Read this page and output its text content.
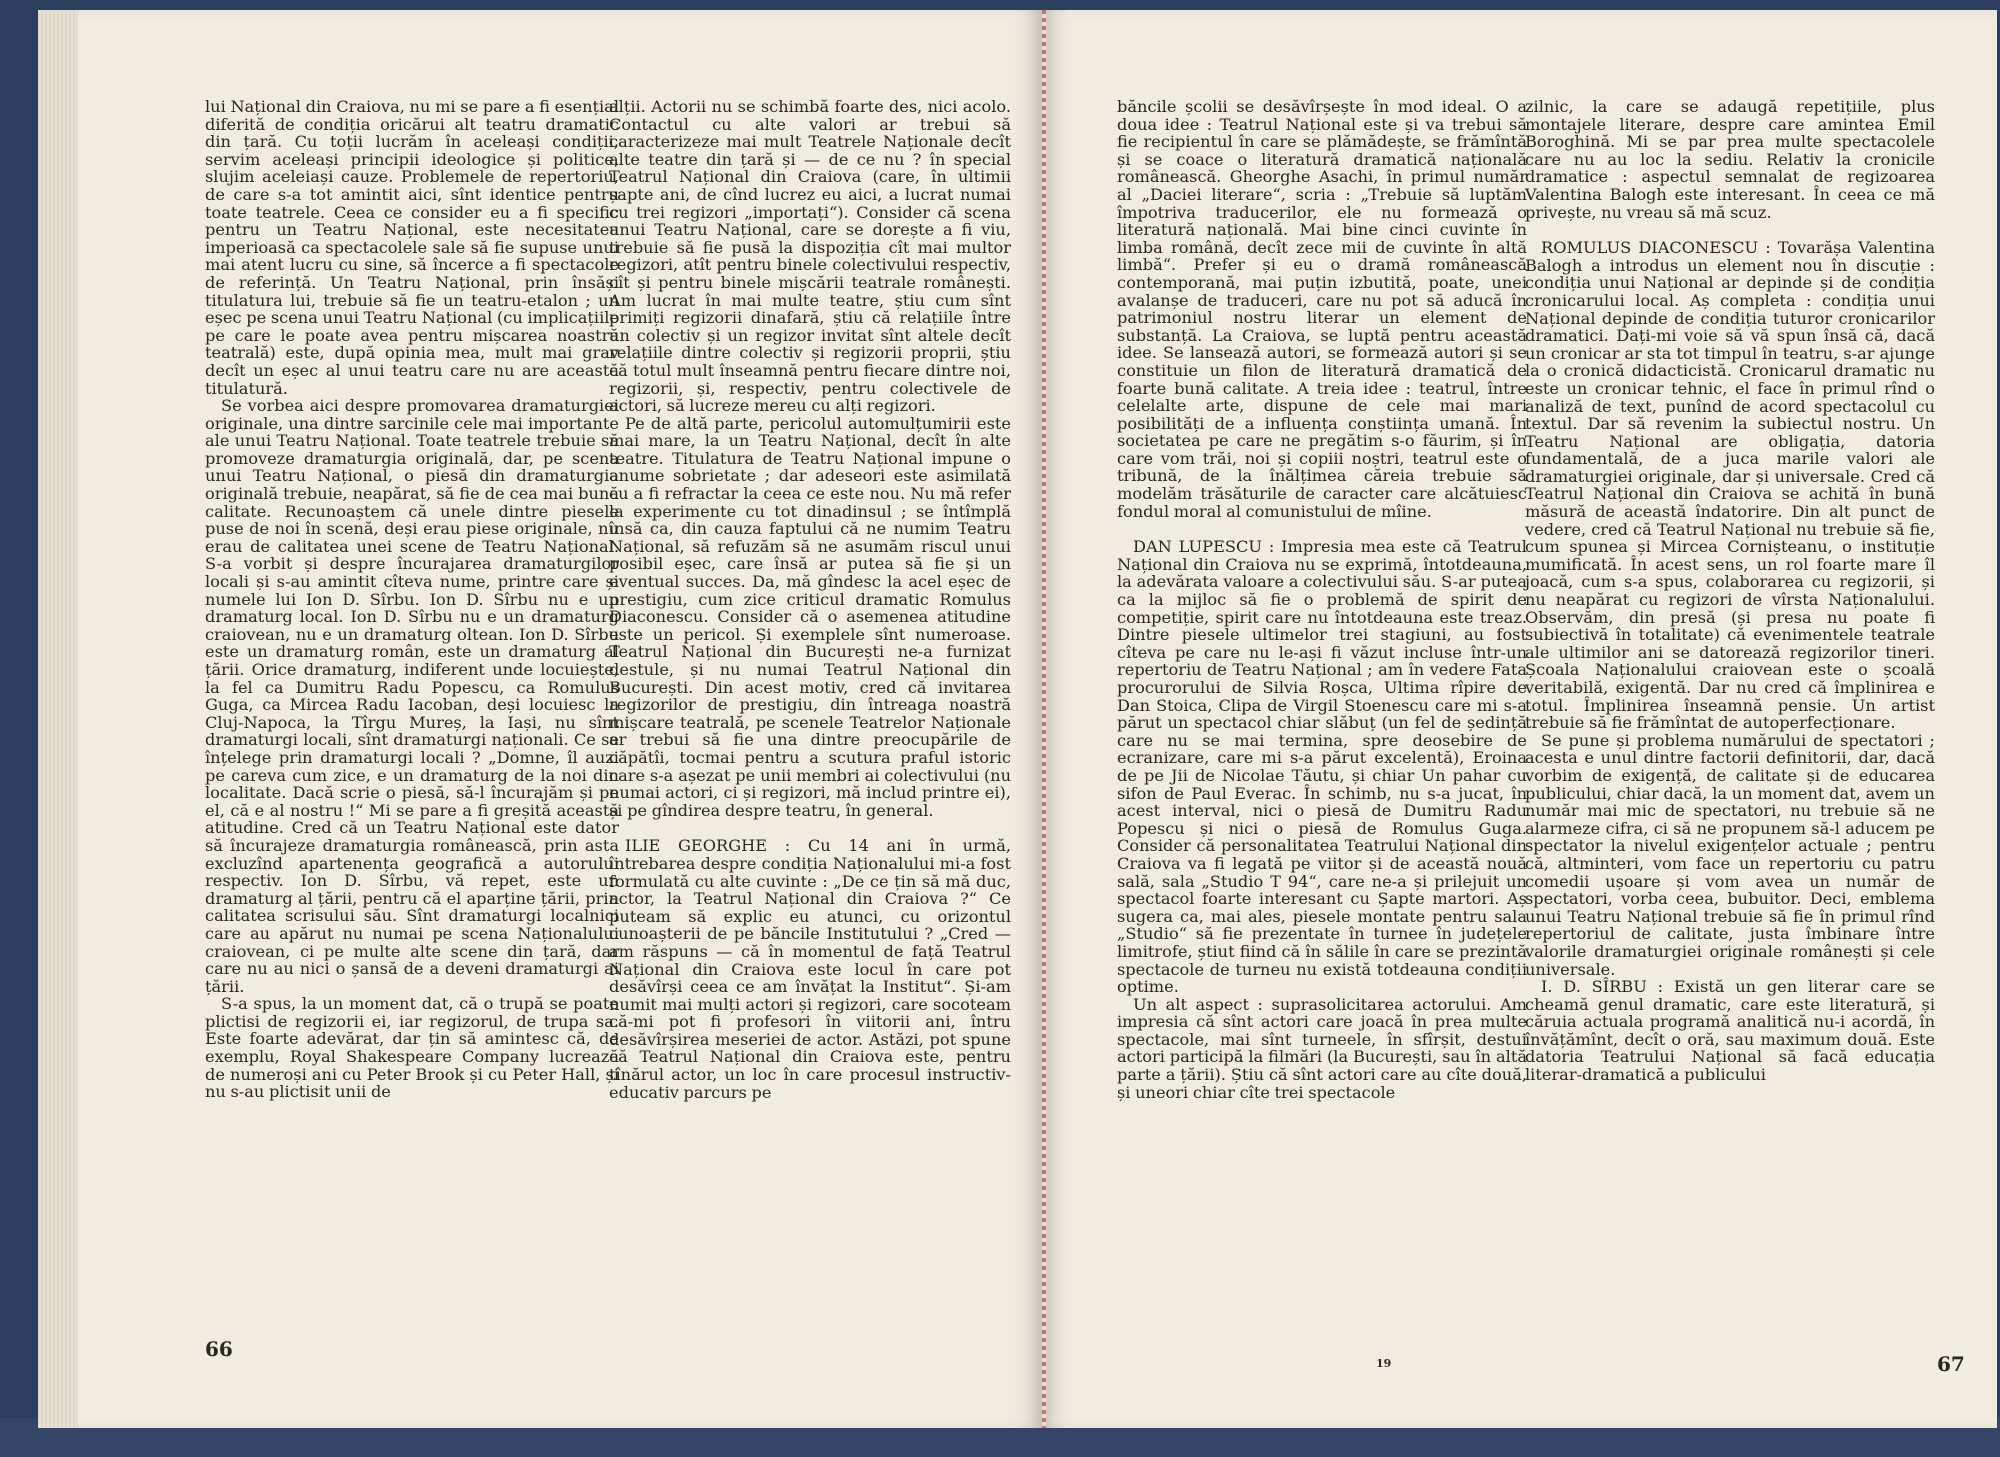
lui Național din Craiova, nu mi se pare a fi esențial diferită de condiția oricărui alt teatru dramatic din țară. Cu toții lucrăm în aceleași condiții, servim aceleași principii ideologice și politice, slujim aceleiași cauze. Problemele de repertoriu, de care s-a tot amintit aici, sînt identice pentru toate teatrele. Ceea ce consider eu a fi specific pentru un Teatru Național, este necesitatea imperioasă ca spectacolele sale să fie supuse unui mai atent lucru cu sine, să încerce a fi spectacole de referință. Un Teatru Național, prin însăși titulatura lui, trebuie să fie un teatru-etalon ; un eșec pe scena unui Teatru Național (cu implicațiile pe care le poate avea pentru mișcarea noastră teatrală) este, după opinia mea, mult mai grav decît un eșec al unui teatru care nu are această titulatură.

Se vorbea aici despre promovarea dramaturgiei originale, una dintre sarcinile cele mai importante ale unui Teatru Național. Toate teatrele trebuie să promoveze dramaturgia originală, dar, pe scena unui Teatru Național, o piesă din dramaturgia originală trebuie, neapărat, să fie de cea mai bună calitate. Recunoaștem că unele dintre piesele puse de noi în scenă, deși erau piese originale, nu erau de calitatea unei scene de Teatru Național. S-a vorbit și despre încurajarea dramaturgilor locali și s-au amintit cîteva nume, printre care și numele lui Ion D. Sîrbu. Ion D. Sîrbu nu e un dramaturg local. Ion D. Sîrbu nu e un dramaturg craiovean, nu e un dramaturg oltean. Ion D. Sîrbu este un dramaturg român, este un dramaturg al țării. Orice dramaturg, indiferent unde locuiește, la fel ca Dumitru Radu Popescu, ca Romulus Guga, ca Mircea Radu Iacoban, deși locuiesc la Cluj-Napoca, la Tîrgu Mureș, la Iași, nu sînt dramaturgi locali, sînt dramaturgi naționali. Ce se înțelege prin dramaturgi locali ? „Domne, îl auzi pe careva cum zice, e un dramaturg de la noi din localitate. Dacă scrie o piesă, să-l încurajăm și pe el, că e al nostru !“ Mi se pare a fi greșită această atitudine. Cred că un Teatru Național este dator să încurajeze dramaturgia românească, prin asta excluzînd apartenența geografică a autorului respectiv. Ion D. Sîrbu, vă repet, este un dramaturg al țării, pentru că el aparține țării, prin calitatea scrisului său. Sînt dramaturgi localnici care au apărut nu numai pe scena Naționalului craiovean, ci pe multe alte scene din țară, dar care nu au nici o șansă de a deveni dramaturgi ai țării.

S-a spus, la un moment dat, că o trupă se poate plictisi de regizorii ei, iar regizorul, de trupa sa. Este foarte adevărat, dar țin să amintesc că, de exemplu, Royal Shakespeare Company lucrează de numeroși ani cu Peter Brook și cu Peter Hall, și nu s-au plictisit unii de

alții. Actorii nu se schimbă foarte des, nici acolo. Contactul cu alte valori ar trebui să caracterizeze mai mult Teatrele Naționale decît alte teatre din țară și — de ce nu ? în special Teatrul Național din Craiova (care, în ultimii șapte ani, de cînd lucrez eu aici, a lucrat numai cu trei regizori „importați“). Consider că scena unui Teatru Național, care se dorește a fi viu, trebuie să fie pusă la dispoziția cît mai multor regizori, atît pentru binele colectivului respectiv, cît și pentru binele mișcării teatrale românești. Am lucrat în mai multe teatre, știu cum sînt primiți regizorii dinafară, știu că relațiile între un colectiv și un regizor invitat sînt altele decît relațiile dintre colectiv și regizorii proprii, știu că totul mult înseamnă pentru fiecare dintre noi, regizorii, și, respectiv, pentru colectivele de actori, să lucreze mereu cu alți regizori.

Pe de altă parte, pericolul automulțumirii este mai mare, la un Teatru Național, decît în alte teatre. Titulatura de Teatru Național impune o anume sobrietate ; dar adeseori este asimilată cu a fi refractar la ceea ce este nou. Nu mă refer la experimente cu tot dinadinsul ; se întîmplă însă ca, din cauza faptului că ne numim Teatru Național, să refuzăm să ne asumăm riscul unui posibil eșec, care însă ar putea să fie și un eventual succes. Da, mă gîndesc la acel eșec de prestigiu, cum zice criticul dramatic Romulus Diaconescu. Consider că o asemenea atitudine este un pericol. Și exemplele sînt numeroase. Teatrul Național din București ne-a furnizat destule, și nu numai Teatrul Național din București. Din acest motiv, cred că invitarea regizorilor de prestigiu, din întreaga noastră mișcare teatrală, pe scenele Teatrelor Naționale ar trebui să fie una dintre preocupările de căpătîi, tocmai pentru a scutura praful istoric care s-a așezat pe unii membri ai colectivului (nu numai actori, ci și regizori, mă includ printre ei), și pe gîndirea despre teatru, în general.

ILIE GEORGHE : Cu 14 ani în urmă, întrebarea despre condiția Naționalului mi-a fost formulată cu alte cuvinte : „De ce țin să mă duc, actor, la Teatrul Național din Craiova ?“ Ce puteam să explic eu atunci, cu orizontul cunoașterii de pe băncile Institutului ? „Cred — am răspuns — că în momentul de față Teatrul Național din Craiova este locul în care pot desăvîrși ceea ce am învățat la Institut“. Și-am numit mai mulți actori și regizori, care socoteam că-mi pot fi profesori în viitorii ani, întru desăvîrșirea meseriei de actor. Astăzi, pot spune că Teatrul Național din Craiova este, pentru tînărul actor, un loc în care procesul instructiv-educativ parcurs pe

66

băncile școlii se desăvîrșește în mod ideal. O a doua idee : Teatrul Național este și va trebui să fie recipientul în care se plămădește, se frămîntă și se coace o literatură dramatică națională românească. Gheorghe Asachi, în primul număr al „Daciei literare“, scria : „Trebuie să luptăm împotriva traducerilor, ele nu formează o literatură națională. Mai bine cinci cuvinte în limba română, decît zece mii de cuvinte în altă limbă“. Prefer și eu o dramă românească contemporană, mai puțin izbutită, poate, unei avalanșe de traduceri, care nu pot să aducă în patrimoniul nostru literar un element de substanță. La Craiova, se luptă pentru această idee. Se lansează autori, se formează autori și se constituie un filon de literatură dramatică de foarte bună calitate. A treia idee : teatrul, între celelalte arte, dispune de cele mai mari posibilități de a influența conștiința umană. În societatea pe care ne pregătim s-o făurim, și în care vom trăi, noi și copiii noștri, teatrul este o tribună, de la înălțimea căreia trebuie să modelăm trăsăturile de caracter care alcătuiesc fondul moral al comunistului de mîine.

DAN LUPESCU : Impresia mea este că Teatrul Național din Craiova nu se exprimă, întotdeauna, la adevărata valoare a colectivului său. S-ar putea ca la mijloc să fie o problemă de spirit de competiție, spirit care nu întotdeauna este treaz. Dintre piesele ultimelor trei stagiuni, au fost cîteva pe care nu le-ași fi văzut incluse într-un repertoriu de Teatru Național ; am în vedere Fata procurorului de Silvia Roșca, Ultima rîpire de Dan Stoica, Clipa de Virgil Stoenescu care mi s-a părut un spectacol chiar slăbuț (un fel de ședință care nu se mai termina, spre deosebire de ecranizare, care mi s-a părut excelentă), Eroina de pe Jii de Nicolae Tăutu, și chiar Un pahar cu sifon de Paul Everac. În schimb, nu s-a jucat, în acest interval, nici o piesă de Dumitru Radu Popescu și nici o piesă de Romulus Guga. Consider că personalitatea Teatrului Național din Craiova va fi legată pe viitor și de această nouă sală, sala „Studio T 94“, care ne-a și prilejuit un spectacol foarte interesant cu Șapte martori. Aș sugera ca, mai ales, piesele montate pentru sala „Studio“ să fie prezentate în turnee în județele limitrofe, știut fiind că în sălile în care se prezintă spectacole de turneu nu există totdeauna condiții optime.

Un alt aspect : suprasolicitarea actorului. Am impresia că sînt actori care joacă în prea multe spectacole, mai sînt turneele, în sfîrșit, destui actori participă la filmări (la București, sau în altă parte a țării). Știu că sînt actori care au cîte două, și uneori chiar cîte trei spectacole

zilnic, la care se adaugă repetițiile, plus montajele literare, despre care amintea Emil Boroghină. Mi se par prea multe spectacolele care nu au loc la sediu. Relativ la cronicile dramatice : aspectul semnalat de regizoarea Valentina Balogh este interesant. În ceea ce mă privește, nu vreau să mă scuz.

ROMULUS DIACONESCU : Tovarășa Valentina Balogh a introdus un element nou în discuție : condiția unui Național ar depinde și de condiția cronicarului local. Aș completa : condiția unui Național depinde de condiția tuturor cronicarilor dramatici. Dați-mi voie să vă spun însă că, dacă un cronicar ar sta tot timpul în teatru, s-ar ajunge la o cronică didacticistă. Cronicarul dramatic nu este un cronicar tehnic, el face în primul rînd o analiză de text, punînd de acord spectacolul cu textul. Dar să revenim la subiectul nostru. Un Teatru Național are obligația, datoria fundamentală, de a juca marile valori ale dramaturgiei originale, dar și universale. Cred că Teatrul Național din Craiova se achită în bună măsură de această îndatorire. Din alt punct de vedere, cred că Teatrul Național nu trebuie să fie, cum spunea și Mircea Cornișteanu, o instituție mumificată. În acest sens, un rol foarte mare îl joacă, cum s-a spus, colaborarea cu regizorii, și nu neapărat cu regizori de vîrsta Naționalului. Observăm, din presă (și presa nu poate fi subiectivă în totalitate) că evenimentele teatrale ale ultimilor ani se datorează regizorilor tineri. Școala Naționalului craiovean este o școală veritabilă, exigentă. Dar nu cred că împlinirea e totul. Împlinirea înseamnă pensie. Un artist trebuie să fie frămîntat de autoperfecționare.

Se pune și problema numărului de spectatori ; acesta e unul dintre factorii definitorii, dar, dacă vorbim de exigență, de calitate și de educarea publicului, chiar dacă, la un moment dat, avem un număr mai mic de spectatori, nu trebuie să ne alarmeze cifra, ci să ne propunem să-l aducem pe spectator la nivelul exigențelor actuale ; pentru că, altminteri, vom face un repertoriu cu patru comedii ușoare și vom avea un număr de spectatori, vorba ceea, bubuitor. Deci, emblema unui Teatru Național trebuie să fie în primul rînd repertoriul de calitate, justa îmbinare între valorile dramaturgiei originale românești și cele universale.

I. D. SÎRBU : Există un gen literar care se cheamă genul dramatic, care este literatură, și căruia actuala programă analitică nu-i acordă, în învățămînt, decît o oră, sau maximum două. Este datoria Teatrului Național să facă educația literar-dramatică a publicului

19	67
